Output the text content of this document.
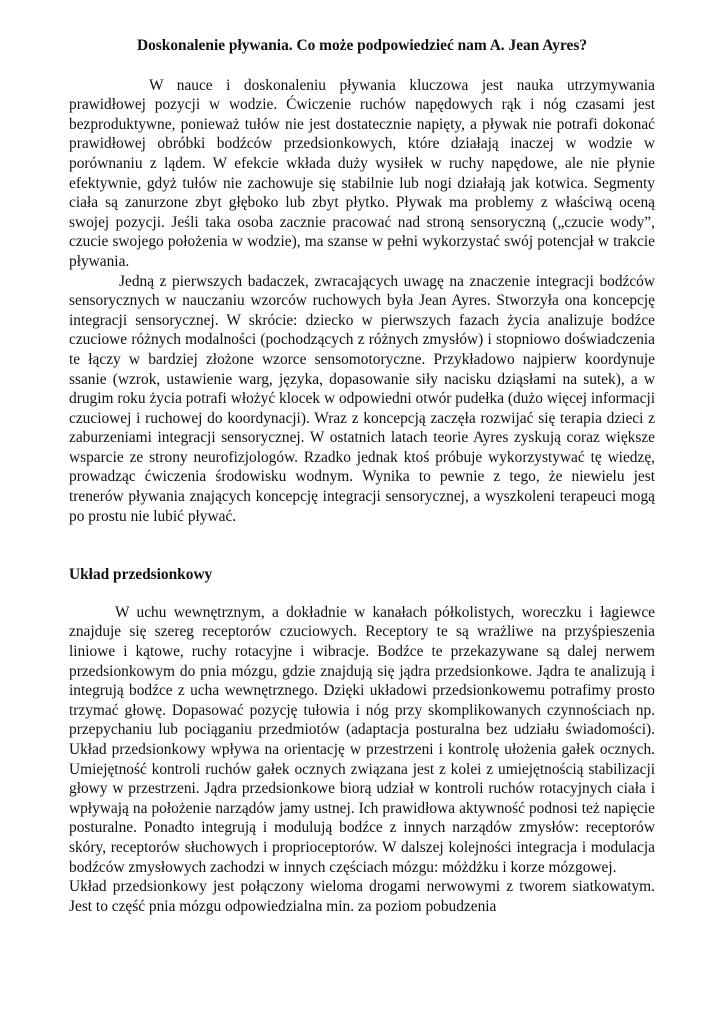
Doskonalenie pływania. Co może podpowiedzieć nam A. Jean Ayres?

W nauce i doskonaleniu pływania kluczowa jest nauka utrzymywania prawidłowej pozycji w wodzie. Ćwiczenie ruchów napędowych rąk i nóg czasami jest bezproduktywne, ponieważ tułów nie jest dostatecznie napięty, a pływak nie potrafi dokonać prawidłowej obróbki bodźców przedsionkowych, które działają inaczej w wodzie w porównaniu z lądem. W efekcie wkłada duży wysiłek w ruchy napędowe, ale nie płynie efektywnie, gdyż tułów nie zachowuje się stabilnie lub nogi działają jak kotwica. Segmenty ciała są zanurzone zbyt głęboko lub zbyt płytko. Pływak ma problemy z właściwą oceną swojej pozycji. Jeśli taka osoba zacznie pracować nad stroną sensoryczną („czucie wody”, czucie swojego położenia w wodzie), ma szanse w pełni wykorzystać swój potencjał w trakcie pływania.

Jedną z pierwszych badaczek, zwracających uwagę na znaczenie integracji bodźców sensorycznych w nauczaniu wzorców ruchowych była Jean Ayres. Stworzyła ona koncepcję integracji sensorycznej. W skrócie: dziecko w pierwszych fazach życia analizuje bodźce czuciowe różnych modalności (pochodzących z różnych zmysłów) i stopniowo doświadczenia te łączy w bardziej złożone wzorce sensomotoryczne. Przykładowo najpierw koordynuje ssanie (wzrok, ustawienie warg, języka, dopasowanie siły nacisku dziąsłami na sutek), a w drugim roku życia potrafi włożyć klocek w odpowiedni otwór pudełka (dużo więcej informacji czuciowej i ruchowej do koordynacji). Wraz z koncepcją zaczęła rozwijać się terapia dzieci z zaburzeniami integracji sensorycznej. W ostatnich latach teorie Ayres zyskują coraz większe wsparcie ze strony neurofizjologów. Rzadko jednak ktoś próbuje wykorzystywać tę wiedzę, prowadząc ćwiczenia środowisku wodnym. Wynika to pewnie z tego, że niewielu jest trenerów pływania znających koncepcję integracji sensorycznej, a wyszkoleni terapeuci mogą po prostu nie lubić pływać.

Układ przedsionkowy

W uchu wewnętrznym, a dokładnie w kanałach półkolistych, woreczku i łagiewce znajduje się szereg receptorów czuciowych. Receptory te są wrażliwe na przyśpieszenia liniowe i kątowe, ruchy rotacyjne i wibracje. Bodźce te przekazywane są dalej nerwem przedsionkowym do pnia mózgu, gdzie znajdują się jądra przedsionkowe. Jądra te analizują i integrują bodźce z ucha wewnętrznego. Dzięki układowi przedsionkowemu potrafimy prosto trzymać głowę. Dopasować pozycję tułowia i nóg przy skomplikowanych czynnościach np. przepychaniu lub pociąganiu przedmiotów (adaptacja posturalna bez udziału świadomości). Układ przedsionkowy wpływa na orientację w przestrzeni i kontrolę ułożenia gałek ocznych. Umiejętność kontroli ruchów gałek ocznych związana jest z kolei z umiejętnością stabilizacji głowy w przestrzeni. Jądra przedsionkowe biorą udział w kontroli ruchów rotacyjnych ciała i wpływają na położenie narządów jamy ustnej. Ich prawidłowa aktywność podnosi też napięcie posturalne. Ponadto integrują i modulują bodźce z innych narządów zmysłów: receptorów skóry, receptorów słuchowych i proprioceptorów. W dalszej kolejności integracja i modulacja bodźców zmysłowych zachodzi w innych częściach mózgu: móżdżku i korze mózgowej.

Układ przedsionkowy jest połączony wieloma drogami nerwowymi z tworem siatkowatym. Jest to część pnia mózgu odpowiedzialna min. za poziom pobudzenia
